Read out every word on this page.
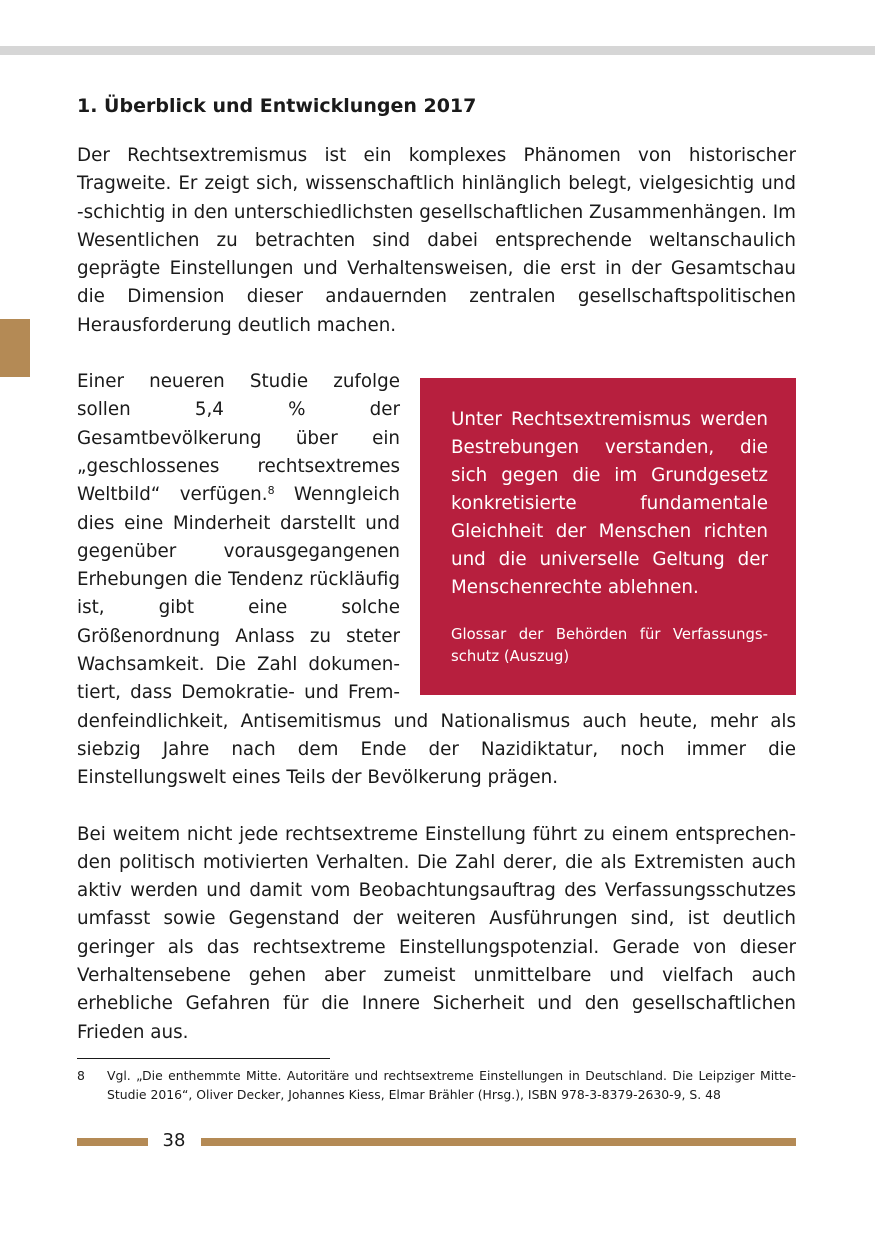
1. Überblick und Entwicklungen 2017

Der Rechtsextremismus ist ein komplexes Phänomen von historischer Tragweite. Er zeigt sich, wissenschaftlich hinlänglich belegt, vielgesichtig und -schichtig in den unterschiedlichsten gesellschaftlichen Zusammenhängen. Im Wesentlichen zu betrachten sind dabei entsprechende weltanschaulich geprägte Einstellungen und Verhaltensweisen, die erst in der Gesamtschau die Dimension dieser andauernden zentralen gesellschaftspolitischen Herausforderung deutlich machen.

Unter Rechtsextremismus werden Bestrebungen verstanden, die sich gegen die im Grundgesetz konkretisierte fundamentale Gleichheit der Menschen richten und die universelle Geltung der Menschenrechte ablehnen.

Glossar der Behörden für Verfassungsschutz (Auszug)

Einer neueren Studie zufolge sollen 5,4 % der Gesamtbevölkerung über ein „geschlossenes rechtsextremes Weltbild“ verfügen.$^8$ Wenngleich dies eine Minderheit darstellt und gegenüber vorausgegangenen Erhebungen die Tendenz rückläufig ist, gibt eine solche Größenordnung Anlass zu steter Wachsamkeit. Die Zahl dokumentiert, dass Demokratie- und Fremdenfeindlichkeit, Antisemitismus und Nationalismus auch heute, mehr als siebzig Jahre nach dem Ende der Nazidiktatur, noch immer die Einstellungswelt eines Teils der Bevölkerung prägen.

Bei weitem nicht jede rechtsextreme Einstellung führt zu einem entsprechenden politisch motivierten Verhalten. Die Zahl derer, die als Extremisten auch aktiv werden und damit vom Beobachtungsauftrag des Verfassungsschutzes umfasst sowie Gegenstand der weiteren Ausführungen sind, ist deutlich geringer als das rechtsextreme Einstellungspotenzial. Gerade von dieser Verhaltensebene gehen aber zumeist unmittelbare und vielfach auch erhebliche Gefahren für die Innere Sicherheit und den gesellschaftlichen Frieden aus.

8	Vgl. „Die enthemmte Mitte. Autoritäre und rechtsextreme Einstellungen in Deutschland. Die Leipziger Mitte-Studie 2016“, Oliver Decker, Johannes Kiess, Elmar Brähler (Hrsg.), ISBN 978-3-8379-2630-9, S. 48
38
